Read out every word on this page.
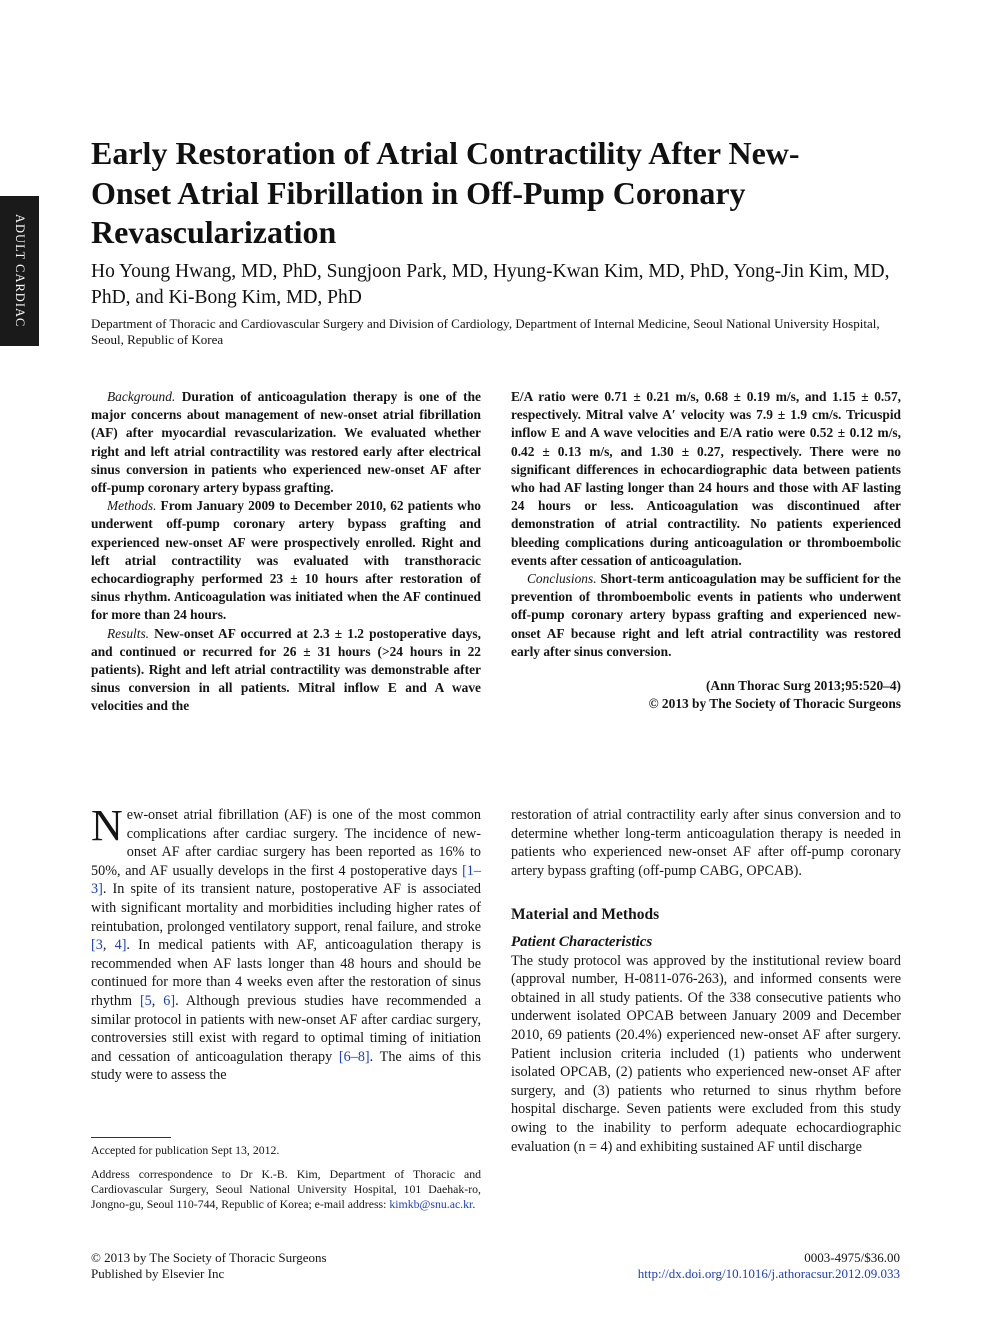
ADULT CARDIAC
Early Restoration of Atrial Contractility After New-Onset Atrial Fibrillation in Off-Pump Coronary Revascularization
Ho Young Hwang, MD, PhD, Sungjoon Park, MD, Hyung-Kwan Kim, MD, PhD, Yong-Jin Kim, MD, PhD, and Ki-Bong Kim, MD, PhD
Department of Thoracic and Cardiovascular Surgery and Division of Cardiology, Department of Internal Medicine, Seoul National University Hospital, Seoul, Republic of Korea

Background. Duration of anticoagulation therapy is one of the major concerns about management of new-onset atrial fibrillation (AF) after myocardial revascularization. We evaluated whether right and left atrial contractility was restored early after electrical sinus conversion in patients who experienced new-onset AF after off-pump coronary artery bypass grafting.

Methods. From January 2009 to December 2010, 62 patients who underwent off-pump coronary artery bypass grafting and experienced new-onset AF were prospectively enrolled. Right and left atrial contractility was evaluated with transthoracic echocardiography performed 23 ± 10 hours after restoration of sinus rhythm. Anticoagulation was initiated when the AF continued for more than 24 hours.

Results. New-onset AF occurred at 2.3 ± 1.2 postoperative days, and continued or recurred for 26 ± 31 hours (>24 hours in 22 patients). Right and left atrial contractility was demonstrable after sinus conversion in all patients. Mitral inflow E and A wave velocities and the

E/A ratio were 0.71 ± 0.21 m/s, 0.68 ± 0.19 m/s, and 1.15 ± 0.57, respectively. Mitral valve A′ velocity was 7.9 ± 1.9 cm/s. Tricuspid inflow E and A wave velocities and E/A ratio were 0.52 ± 0.12 m/s, 0.42 ± 0.13 m/s, and 1.30 ± 0.27, respectively. There were no significant differences in echocardiographic data between patients who had AF lasting longer than 24 hours and those with AF lasting 24 hours or less. Anticoagulation was discontinued after demonstration of atrial contractility. No patients experienced bleeding complications during anticoagulation or thromboembolic events after cessation of anticoagulation.

Conclusions. Short-term anticoagulation may be sufficient for the prevention of thromboembolic events in patients who underwent off-pump coronary artery bypass grafting and experienced new-onset AF because right and left atrial contractility was restored early after sinus conversion.

(Ann Thorac Surg 2013;95:520–4)

© 2013 by The Society of Thoracic Surgeons

New-onset atrial fibrillation (AF) is one of the most common complications after cardiac surgery. The incidence of new-onset AF after cardiac surgery has been reported as 16% to 50%, and AF usually develops in the first 4 postoperative days [1–3]. In spite of its transient nature, postoperative AF is associated with significant mortality and morbidities including higher rates of reintubation, prolonged ventilatory support, renal failure, and stroke [3, 4]. In medical patients with AF, anticoagulation therapy is recommended when AF lasts longer than 48 hours and should be continued for more than 4 weeks even after the restoration of sinus rhythm [5, 6]. Although previous studies have recommended a similar protocol in patients with new-onset AF after cardiac surgery, controversies still exist with regard to optimal timing of initiation and cessation of anticoagulation therapy [6–8]. The aims of this study were to assess the

restoration of atrial contractility early after sinus conversion and to determine whether long-term anticoagulation therapy is needed in patients who experienced new-onset AF after off-pump coronary artery bypass grafting (off-pump CABG, OPCAB).

Material and Methods
Patient Characteristics

The study protocol was approved by the institutional review board (approval number, H-0811-076-263), and informed consents were obtained in all study patients. Of the 338 consecutive patients who underwent isolated OPCAB between January 2009 and December 2010, 69 patients (20.4%) experienced new-onset AF after surgery. Patient inclusion criteria included (1) patients who underwent isolated OPCAB, (2) patients who experienced new-onset AF after surgery, and (3) patients who returned to sinus rhythm before hospital discharge. Seven patients were excluded from this study owing to the inability to perform adequate echocardiographic evaluation (n = 4) and exhibiting sustained AF until discharge

Accepted for publication Sept 13, 2012.

Address correspondence to Dr K.-B. Kim, Department of Thoracic and Cardiovascular Surgery, Seoul National University Hospital, 101 Daehak-ro, Jongno-gu, Seoul 110-744, Republic of Korea; e-mail address: kimkb@snu.ac.kr.

© 2013 by The Society of Thoracic Surgeons
Published by Elsevier Inc
0003-4975/$36.00
http://dx.doi.org/10.1016/j.athoracsur.2012.09.033
